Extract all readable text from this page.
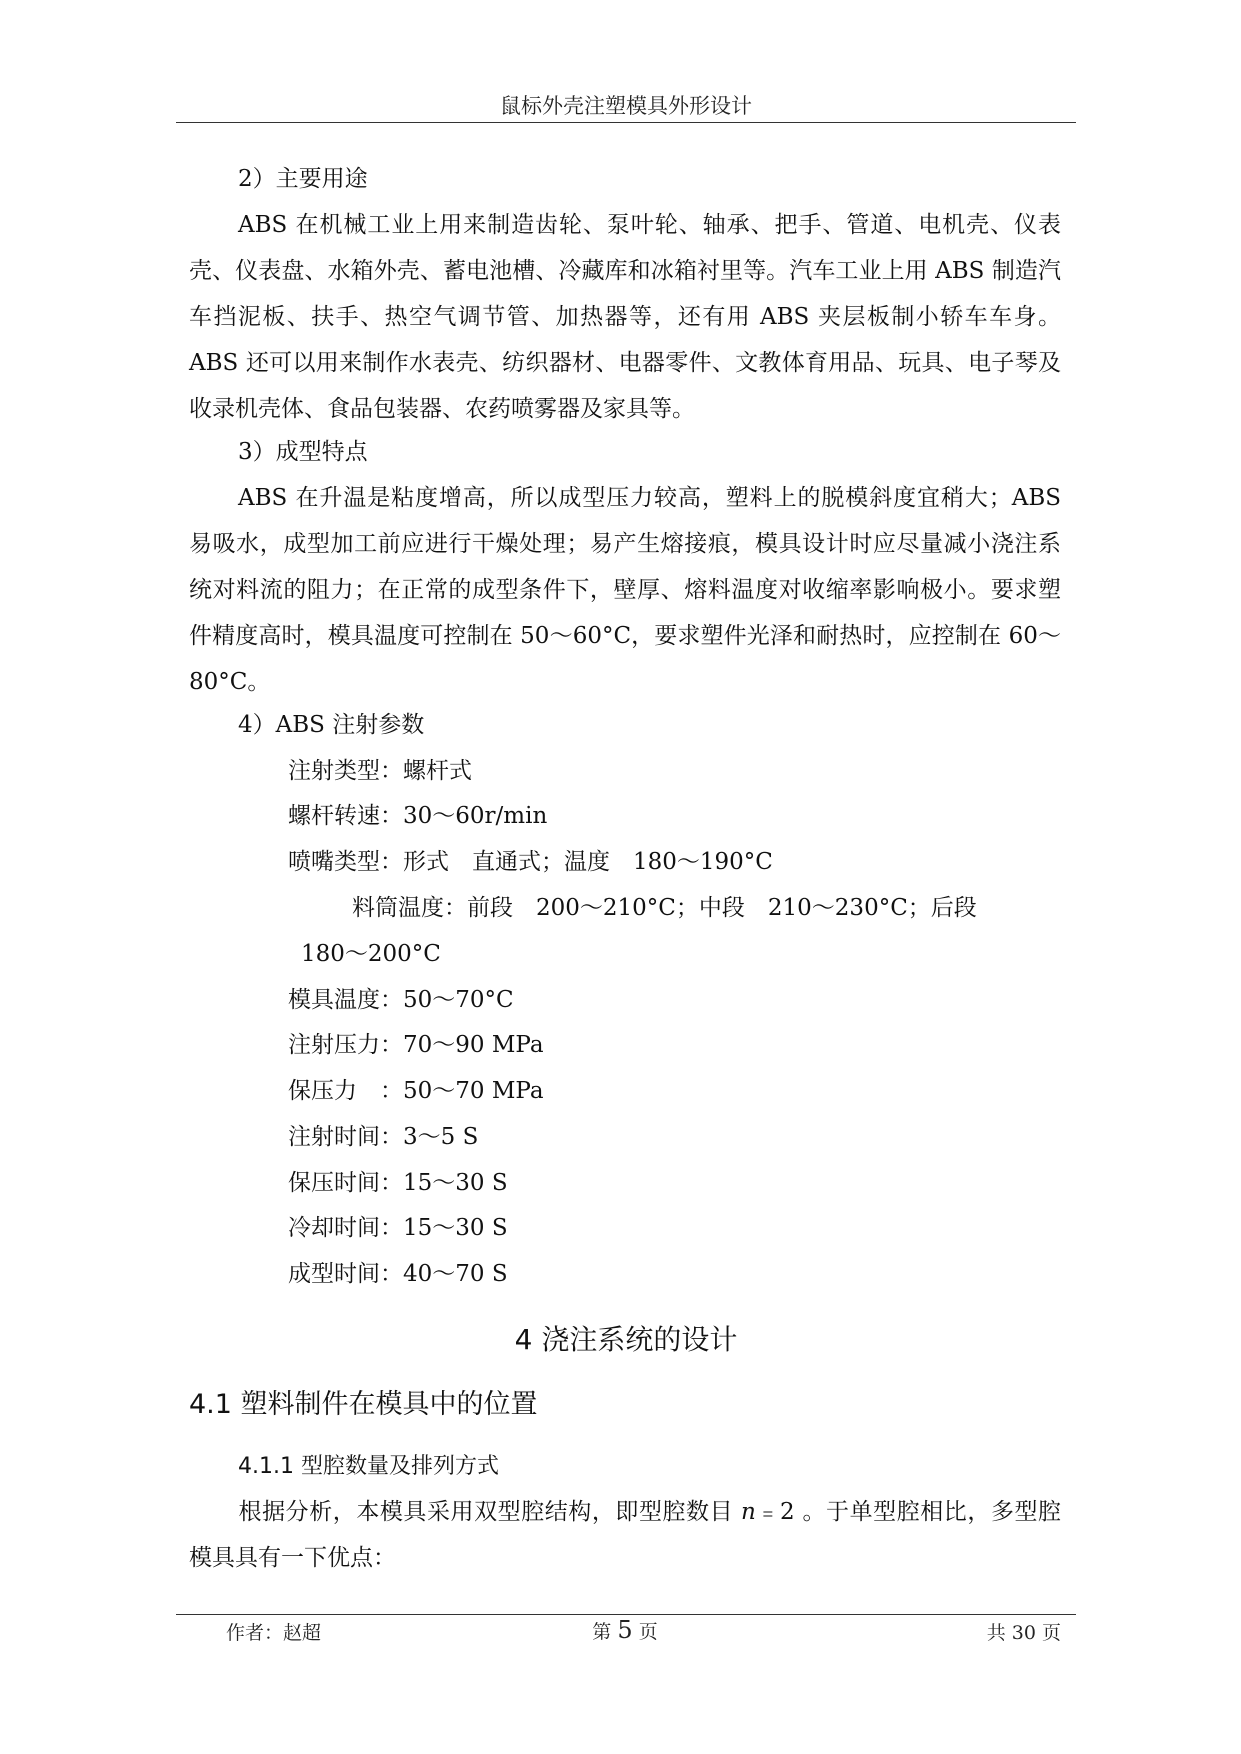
鼠标外壳注塑模具外形设计
2）主要用途
ABS 在机械工业上用来制造齿轮、泵叶轮、轴承、把手、管道、电机壳、仪表壳、仪表盘、水箱外壳、蓄电池槽、冷藏库和冰箱衬里等。汽车工业上用 ABS 制造汽车挡泥板、扶手、热空气调节管、加热器等，还有用 ABS 夹层板制小轿车车身。ABS 还可以用来制作水表壳、纺织器材、电器零件、文教体育用品、玩具、电子琴及收录机壳体、食品包装器、农药喷雾器及家具等。
3）成型特点
ABS 在升温是粘度增高，所以成型压力较高，塑料上的脱模斜度宜稍大；ABS 易吸水，成型加工前应进行干燥处理；易产生熔接痕，模具设计时应尽量减小浇注系统对料流的阻力；在正常的成型条件下，壁厚、熔料温度对收缩率影响极小。要求塑件精度高时，模具温度可控制在 50～60°C，要求塑件光泽和耐热时，应控制在 60～80°C。
4）ABS 注射参数
注射类型：螺杆式
螺杆转速：30～60r/min
喷嘴类型：形式　直通式；温度　180～190°C
料筒温度：前段　200～210°C；中段　210～230°C；后段
180～200°C
模具温度：50～70°C
注射压力：70～90 MPa
保压力　：50～70 MPa
注射时间：3～5 S
保压时间：15～30 S
冷却时间：15～30 S
成型时间：40～70 S
4 浇注系统的设计
4.1 塑料制件在模具中的位置
4.1.1 型腔数量及排列方式
根据分析，本模具采用双型腔结构，即型腔数目 n﹦2 。于单型腔相比，多型腔模具具有一下优点：
作者：赵超	第 5 页	共 30 页
